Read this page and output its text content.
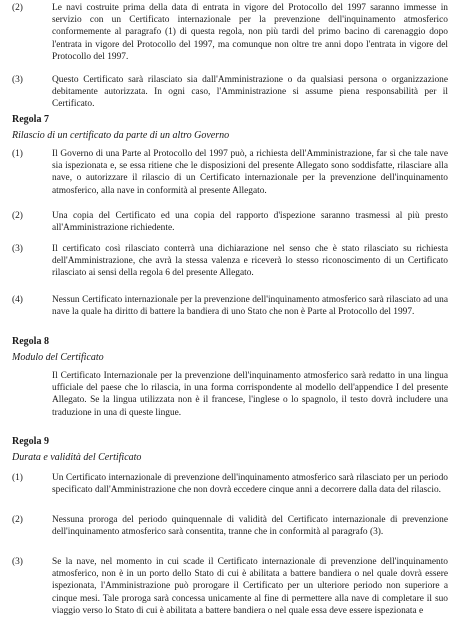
(2)	Le navi costruite prima della data di entrata in vigore del Protocollo del 1997 saranno immesse in servizio con un Certificato internazionale per la prevenzione dell'inquinamento atmosferico conformemente al paragrafo (1) di questa regola, non più tardi del primo bacino di carenaggio dopo l'entrata in vigore del Protocollo del 1997, ma comunque non oltre tre anni dopo l'entrata in vigore del Protocollo del 1997.
(3)	Questo Certificato sarà rilasciato sia dall'Amministrazione o da qualsiasi persona o organizzazione debitamente autorizzata. In ogni caso, l'Amministrazione si assume piena responsabilità per il Certificato.
Regola 7
Rilascio di un certificato da parte di un altro Governo
(1)	Il Governo di una Parte al Protocollo del 1997 può, a richiesta dell'Amministrazione, far sì che tale nave sia ispezionata e, se essa ritiene che le disposizioni del presente Allegato sono soddisfatte, rilasciare alla nave, o autorizzare il rilascio di un Certificato internazionale per la prevenzione dell'inquinamento atmosferico, alla nave in conformità al presente Allegato.
(2)	Una copia del Certificato ed una copia del rapporto d'ispezione saranno trasmessi al più presto all'Amministrazione richiedente.
(3)	Il certificato così rilasciato conterrà una dichiarazione nel senso che è stato rilasciato su richiesta dell'Amministrazione, che avrà la stessa valenza e riceverà lo stesso riconoscimento di un Certificato rilasciato ai sensi della regola 6 del presente Allegato.
(4)	Nessun Certificato internazionale per la prevenzione dell'inquinamento atmosferico sarà rilasciato ad una nave la quale ha diritto di battere la bandiera di uno Stato che non è Parte al Protocollo del 1997.
Regola 8
Modulo del Certificato
Il Certificato Internazionale per la prevenzione dell'inquinamento atmosferico sarà redatto in una lingua ufficiale del paese che lo rilascia, in una forma corrispondente al modello dell'appendice I del presente Allegato. Se la lingua utilizzata non è il francese, l'inglese o lo spagnolo, il testo dovrà includere una traduzione in una di queste lingue.
Regola 9
Durata e validità del Certificato
(1)	Un Certificato internazionale di prevenzione dell'inquinamento atmosferico sarà rilasciato per un periodo specificato dall'Amministrazione che non dovrà eccedere cinque anni a decorrere dalla data del rilascio.
(2)	Nessuna proroga del periodo quinquennale di validità del Certificato internazionale di prevenzione dell'inquinamento atmosferico sarà consentita, tranne che in conformità al paragrafo (3).
(3)	Se la nave, nel momento in cui scade il Certificato internazionale di prevenzione dell'inquinamento atmosferico, non è in un porto dello Stato di cui è abilitata a battere bandiera o nel quale dovrà essere ispezionata, l'Amministrazione può prorogare il Certificato per un ulteriore periodo non superiore a cinque mesi. Tale proroga sarà concessa unicamente al fine di permettere alla nave di completare il suo viaggio verso lo Stato di cui è abilitata a battere bandiera o nel quale essa deve essere ispezionata e
